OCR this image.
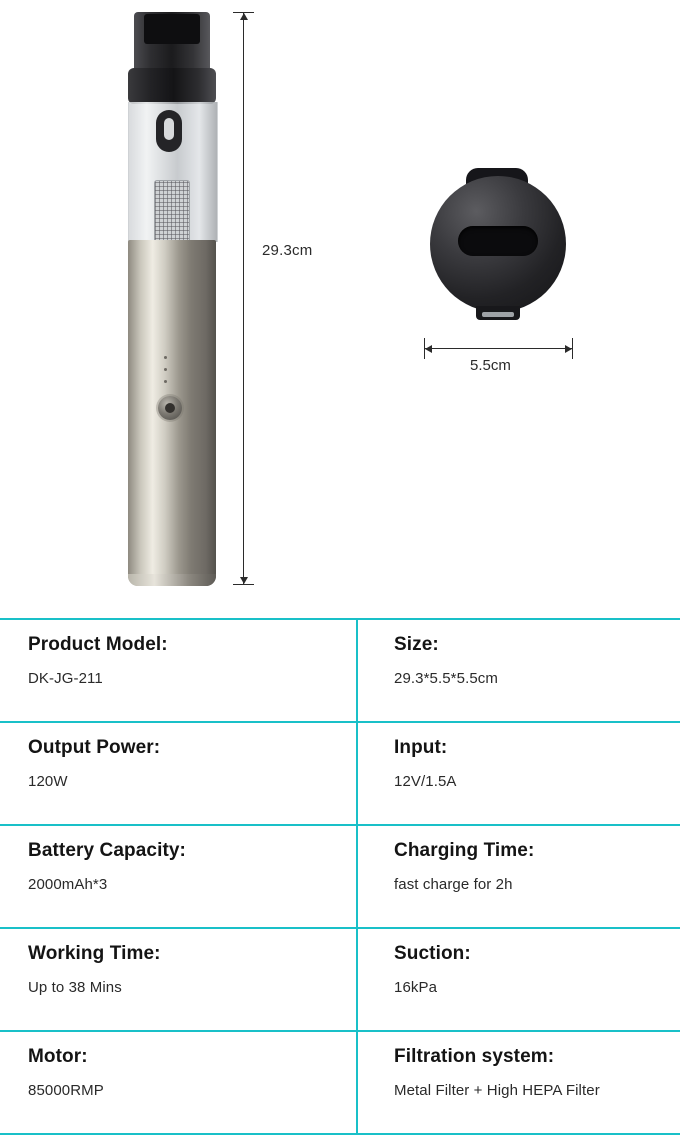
29.3cm
5.5cm
Product Model:
DK-JG-211
Size:
29.3*5.5*5.5cm
Output Power:
120W
Input:
12V/1.5A
Battery Capacity:
2000mAh*3
Charging Time:
fast charge for 2h
Working Time:
Up to 38 Mins
Suction:
16kPa
Motor:
85000RMP
Filtration system:
Metal Filter + High HEPA Filter
